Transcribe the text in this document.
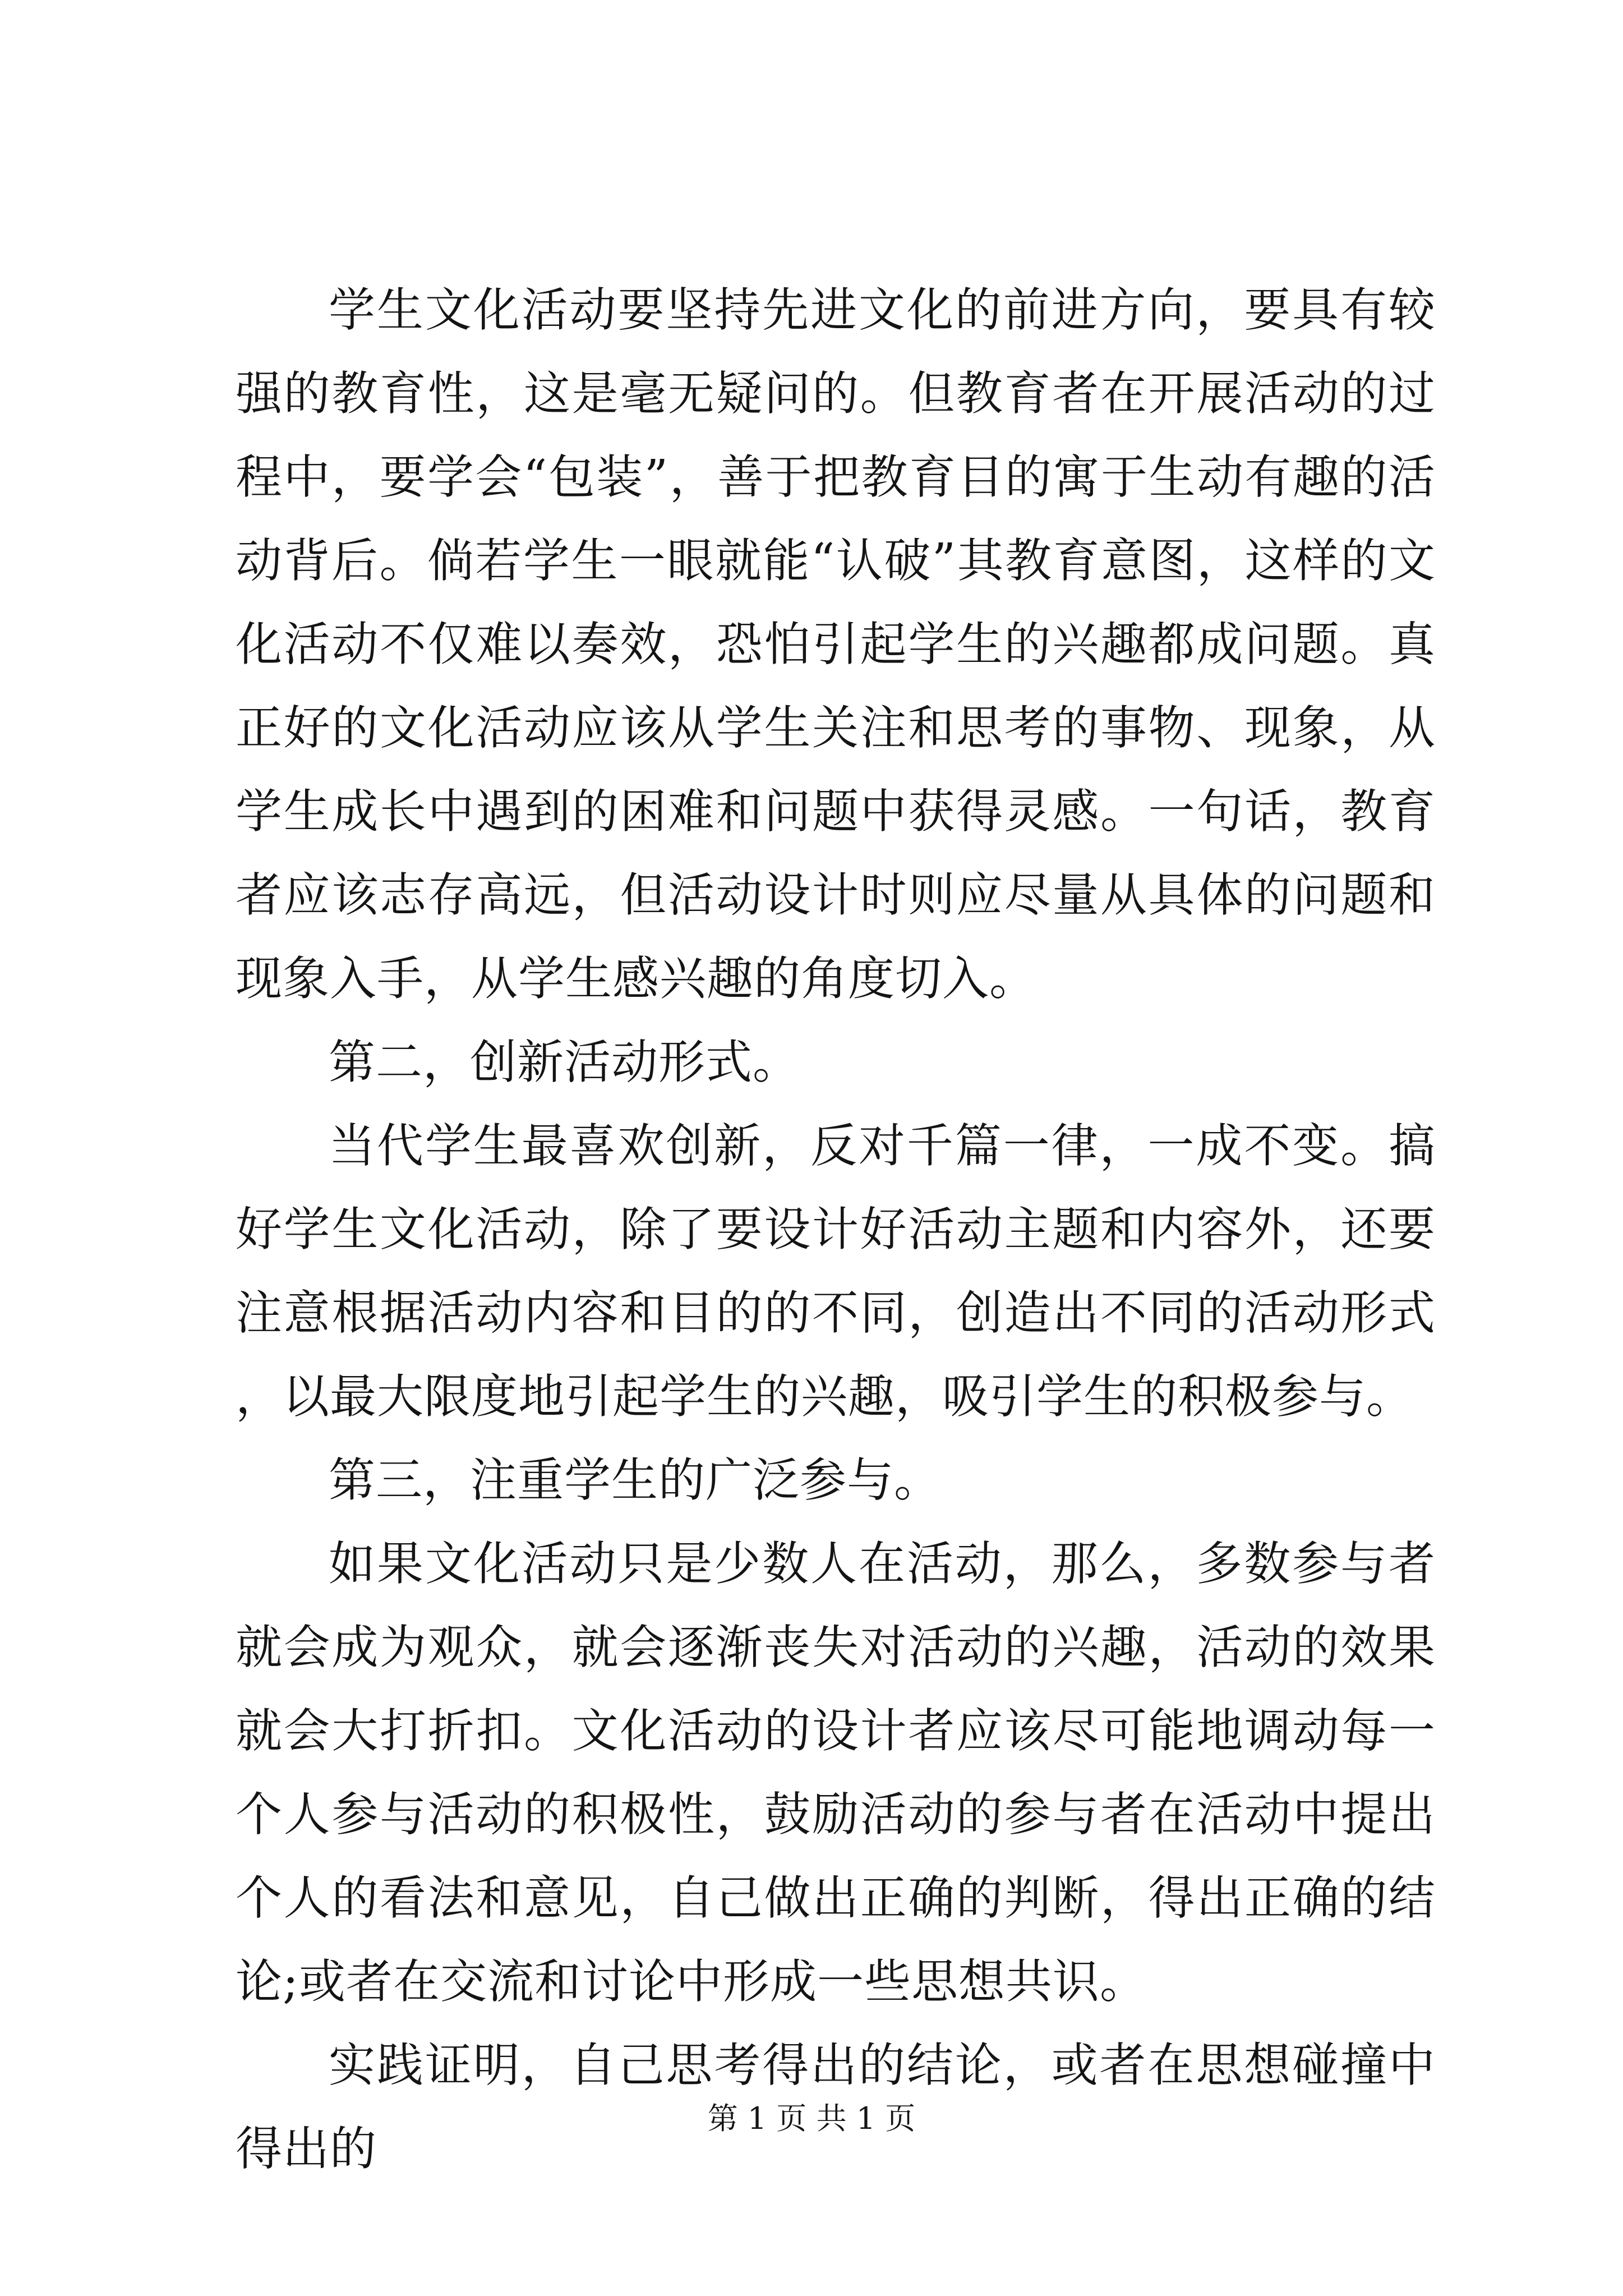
学生文化活动要坚持先进文化的前进方向，要具有较强的教育性，这是毫无疑问的。但教育者在开展活动的过程中，要学会“包装”，善于把教育目的寓于生动有趣的活动背后。倘若学生一眼就能“认破”其教育意图，这样的文化活动不仅难以奏效，恐怕引起学生的兴趣都成问题。真正好的文化活动应该从学生关注和思考的事物、现象，从学生成长中遇到的困难和问题中获得灵感。一句话，教育者应该志存高远，但活动设计时则应尽量从具体的问题和现象入手，从学生感兴趣的角度切入。

第二，创新活动形式。

当代学生最喜欢创新，反对千篇一律，一成不变。搞好学生文化活动，除了要设计好活动主题和内容外，还要注意根据活动内容和目的的不同，创造出不同的活动形式，以最大限度地引起学生的兴趣，吸引学生的积极参与。

第三，注重学生的广泛参与。

如果文化活动只是少数人在活动，那么，多数参与者就会成为观众，就会逐渐丧失对活动的兴趣，活动的效果就会大打折扣。文化活动的设计者应该尽可能地调动每一个人参与活动的积极性，鼓励活动的参与者在活动中提出个人的看法和意见，自己做出正确的判断，得出正确的结论;或者在交流和讨论中形成一些思想共识。

实践证明，自己思考得出的结论，或者在思想碰撞中得出的

第 1 页 共 1 页
